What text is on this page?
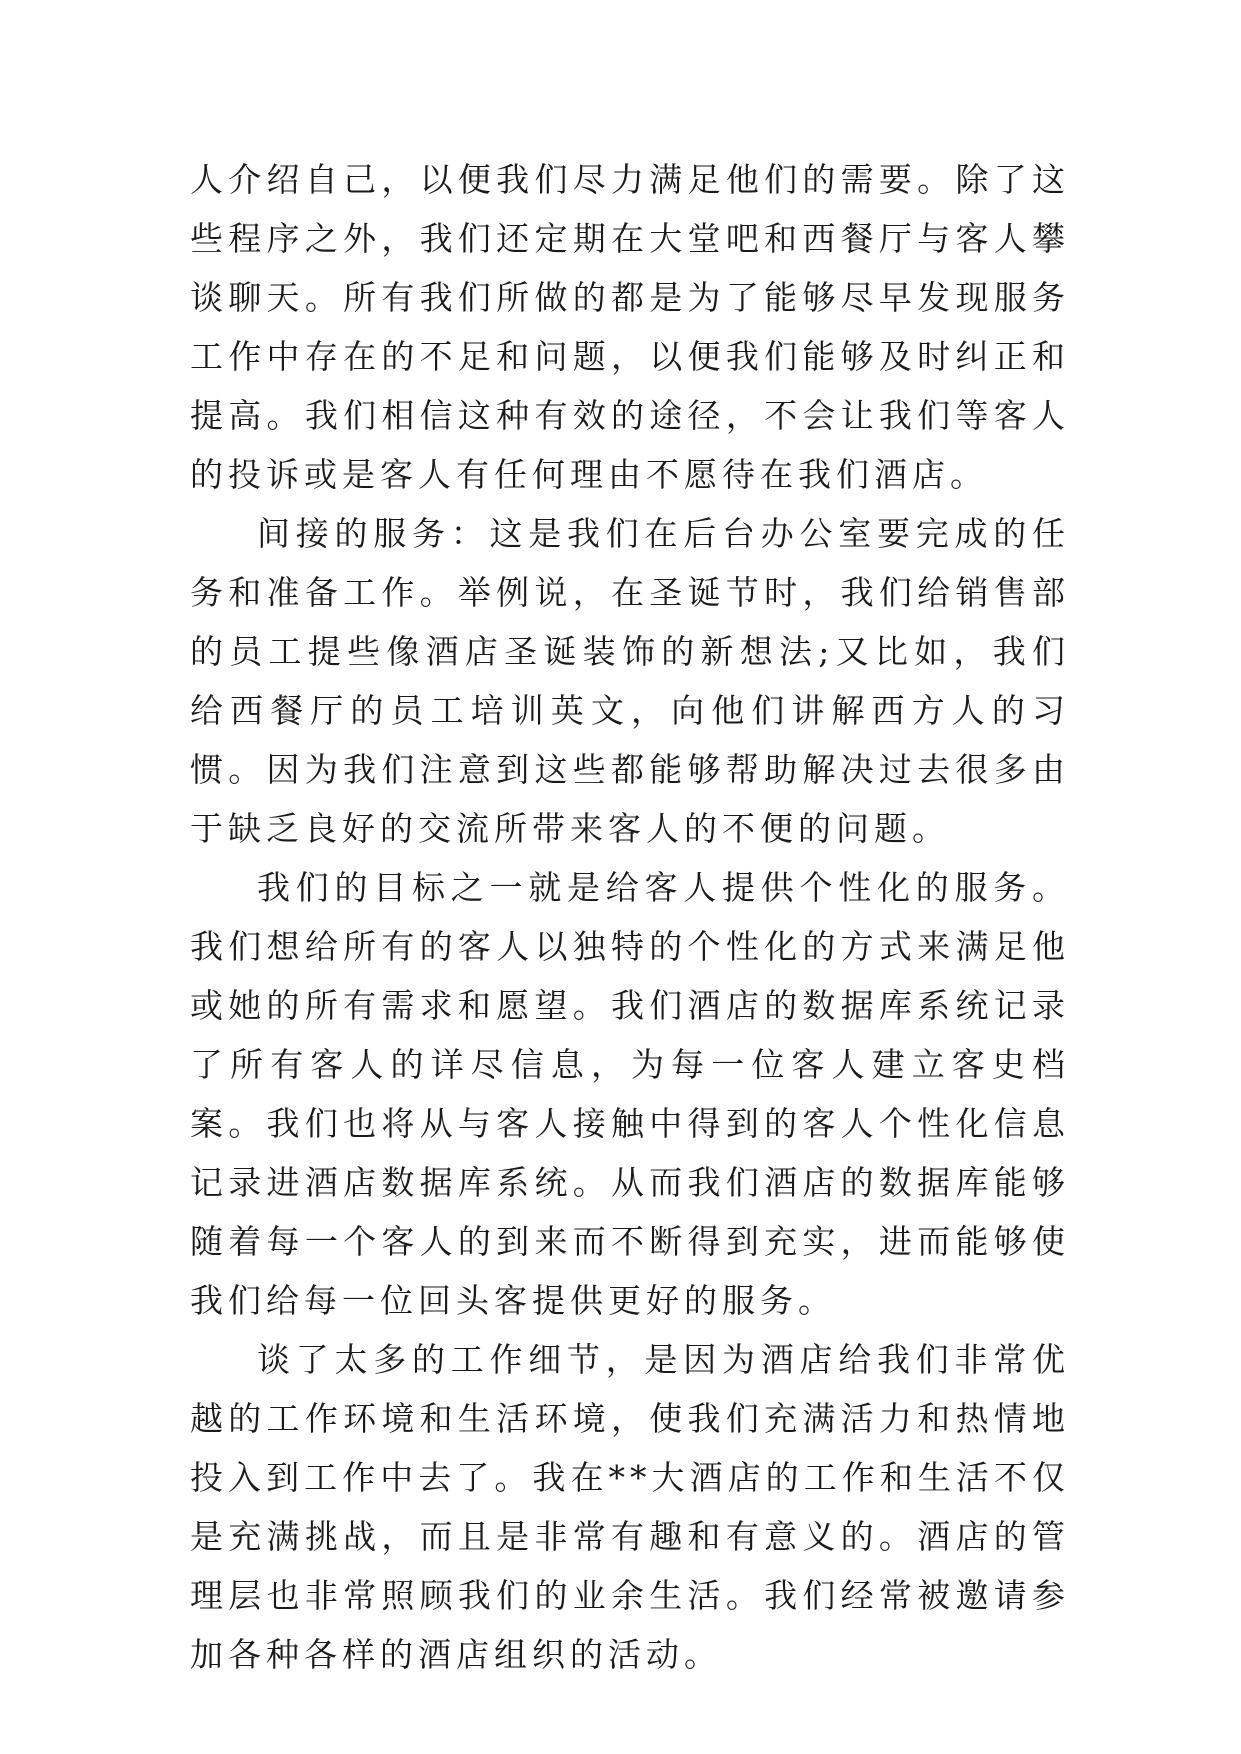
人介绍自己，以便我们尽力满足他们的需要。除了这些程序之外，我们还定期在大堂吧和西餐厅与客人攀谈聊天。所有我们所做的都是为了能够尽早发现服务工作中存在的不足和问题，以便我们能够及时纠正和提高。我们相信这种有效的途径，不会让我们等客人的投诉或是客人有任何理由不愿待在我们酒店。

间接的服务：这是我们在后台办公室要完成的任务和准备工作。举例说，在圣诞节时，我们给销售部的员工提些像酒店圣诞装饰的新想法;又比如，我们给西餐厅的员工培训英文，向他们讲解西方人的习惯。因为我们注意到这些都能够帮助解决过去很多由于缺乏良好的交流所带来客人的不便的问题。

我们的目标之一就是给客人提供个性化的服务。我们想给所有的客人以独特的个性化的方式来满足他或她的所有需求和愿望。我们酒店的数据库系统记录了所有客人的详尽信息，为每一位客人建立客史档案。我们也将从与客人接触中得到的客人个性化信息记录进酒店数据库系统。从而我们酒店的数据库能够随着每一个客人的到来而不断得到充实，进而能够使我们给每一位回头客提供更好的服务。

谈了太多的工作细节，是因为酒店给我们非常优越的工作环境和生活环境，使我们充满活力和热情地投入到工作中去了。我在**大酒店的工作和生活不仅是充满挑战，而且是非常有趣和有意义的。酒店的管理层也非常照顾我们的业余生活。我们经常被邀请参加各种各样的酒店组织的活动。
